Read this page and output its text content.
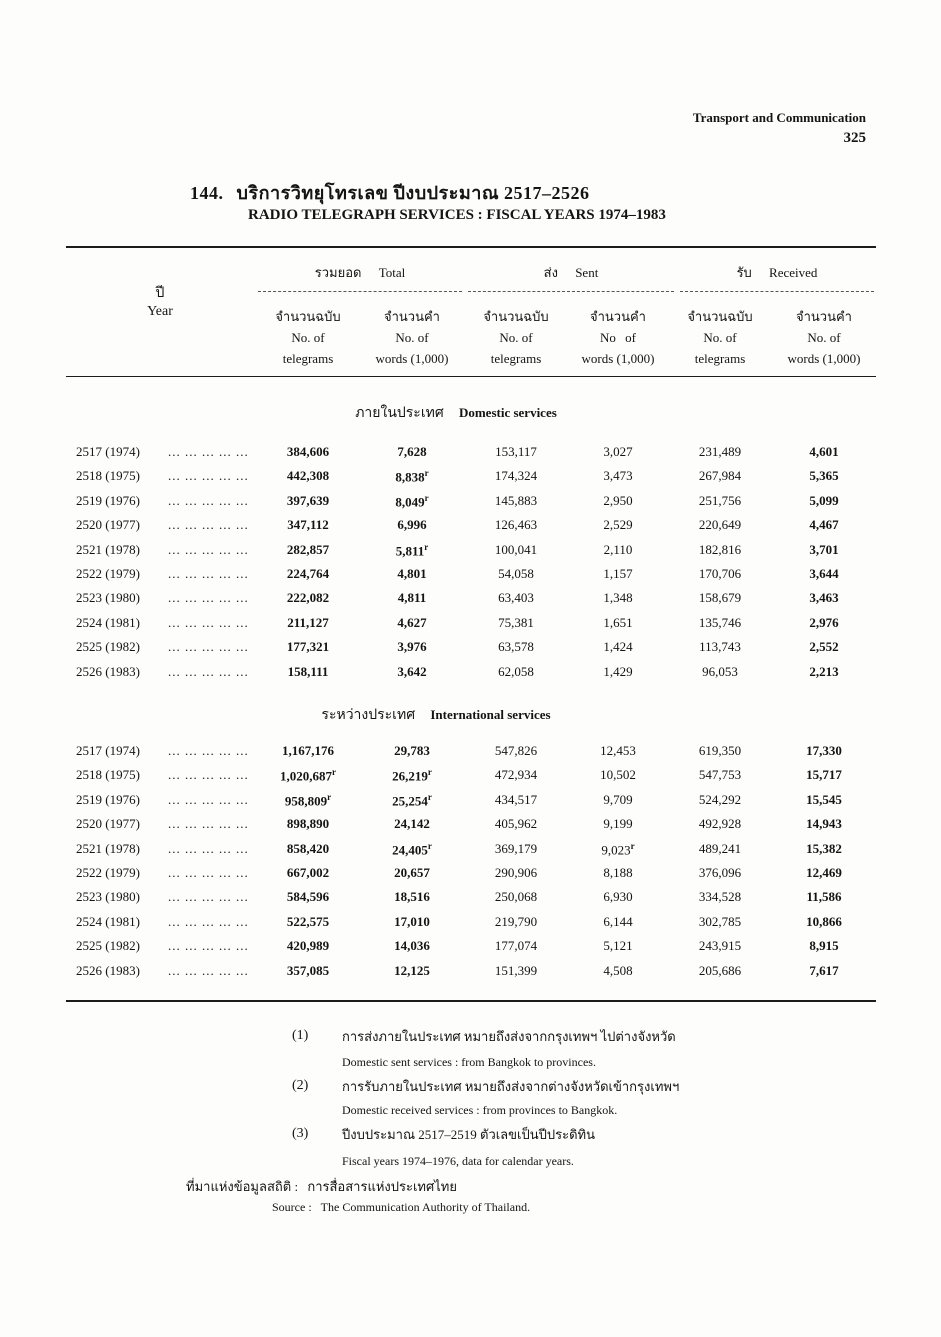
Transport and Communication
325
144. บริการวิทยุโทรเลข ปีงบประมาณ 2517–2526
RADIO TELEGRAPH SERVICES : FISCAL YEARS 1974–1983
ปี
Year
รวมยอด Total	ส่ง Sent	รับ Received
จำนวนฉบับ
No. of
telegrams
จำนวนคำ
No. of
words (1,000)
จำนวนฉบับ
No. of
telegrams
จำนวนคำ
No of
words (1,000)
จำนวนฉบับ
No. of
telegrams
จำนวนคำ
No. of
words (1,000)
ภายในประเทศ Domestic services
2517 (1974) ... ... ... ... ...	384,606	7,628	153,117	3,027	231,489	4,601
2518 (1975) ... ... ... ... ...	442,308	8,838$^r$	174,324	3,473	267,984	5,365
2519 (1976) ... ... ... ... ...	397,639	8,049$^r$	145,883	2,950	251,756	5,099
2520 (1977) ... ... ... ... ...	347,112	6,996	126,463	2,529	220,649	4,467
2521 (1978) ... ... ... ... ...	282,857	5,811$^r$	100,041	2,110	182,816	3,701
2522 (1979) ... ... ... ... ...	224,764	4,801	54,058	1,157	170,706	3,644
2523 (1980) ... ... ... ... ...	222,082	4,811	63,403	1,348	158,679	3,463
2524 (1981) ... ... ... ... ...	211,127	4,627	75,381	1,651	135,746	2,976
2525 (1982) ... ... ... ... ...	177,321	3,976	63,578	1,424	113,743	2,552
2526 (1983) ... ... ... ... ...	158,111	3,642	62,058	1,429	96,053	2,213
ระหว่างประเทศ International services
2517 (1974) ... ... ... ... ...	1,167,176	29,783	547,826	12,453	619,350	17,330
2518 (1975) ... ... ... ... ...	1,020,687$^r$	26,219$^r$	472,934	10,502	547,753	15,717
2519 (1976) ... ... ... ... ...	958,809$^r$	25,254$^r$	434,517	9,709	524,292	15,545
2520 (1977) ... ... ... ... ...	898,890	24,142	405,962	9,199	492,928	14,943
2521 (1978) ... ... ... ... ...	858,420	24,405$^r$	369,179	9,023$^r$	489,241	15,382
2522 (1979) ... ... ... ... ...	667,002	20,657	290,906	8,188	376,096	12,469
2523 (1980) ... ... ... ... ...	584,596	18,516	250,068	6,930	334,528	11,586
2524 (1981) ... ... ... ... ...	522,575	17,010	219,790	6,144	302,785	10,866
2525 (1982) ... ... ... ... ...	420,989	14,036	177,074	5,121	243,915	8,915
2526 (1983) ... ... ... ... ...	357,085	12,125	151,399	4,508	205,686	7,617
(1)	การส่งภายในประเทศ หมายถึงส่งจากกรุงเทพฯ ไปต่างจังหวัด
Domestic sent services : from Bangkok to provinces.
(2)	การรับภายในประเทศ หมายถึงส่งจากต่างจังหวัดเข้ากรุงเทพฯ
Domestic received services : from provinces to Bangkok.
(3)	ปีงบประมาณ 2517–2519 ตัวเลขเป็นปีประดิทิน
Fiscal years 1974–1976, data for calendar years.
ที่มาแห่งข้อมูลสถิติ : การสื่อสารแห่งประเทศไทย
Source : The Communication Authority of Thailand.
